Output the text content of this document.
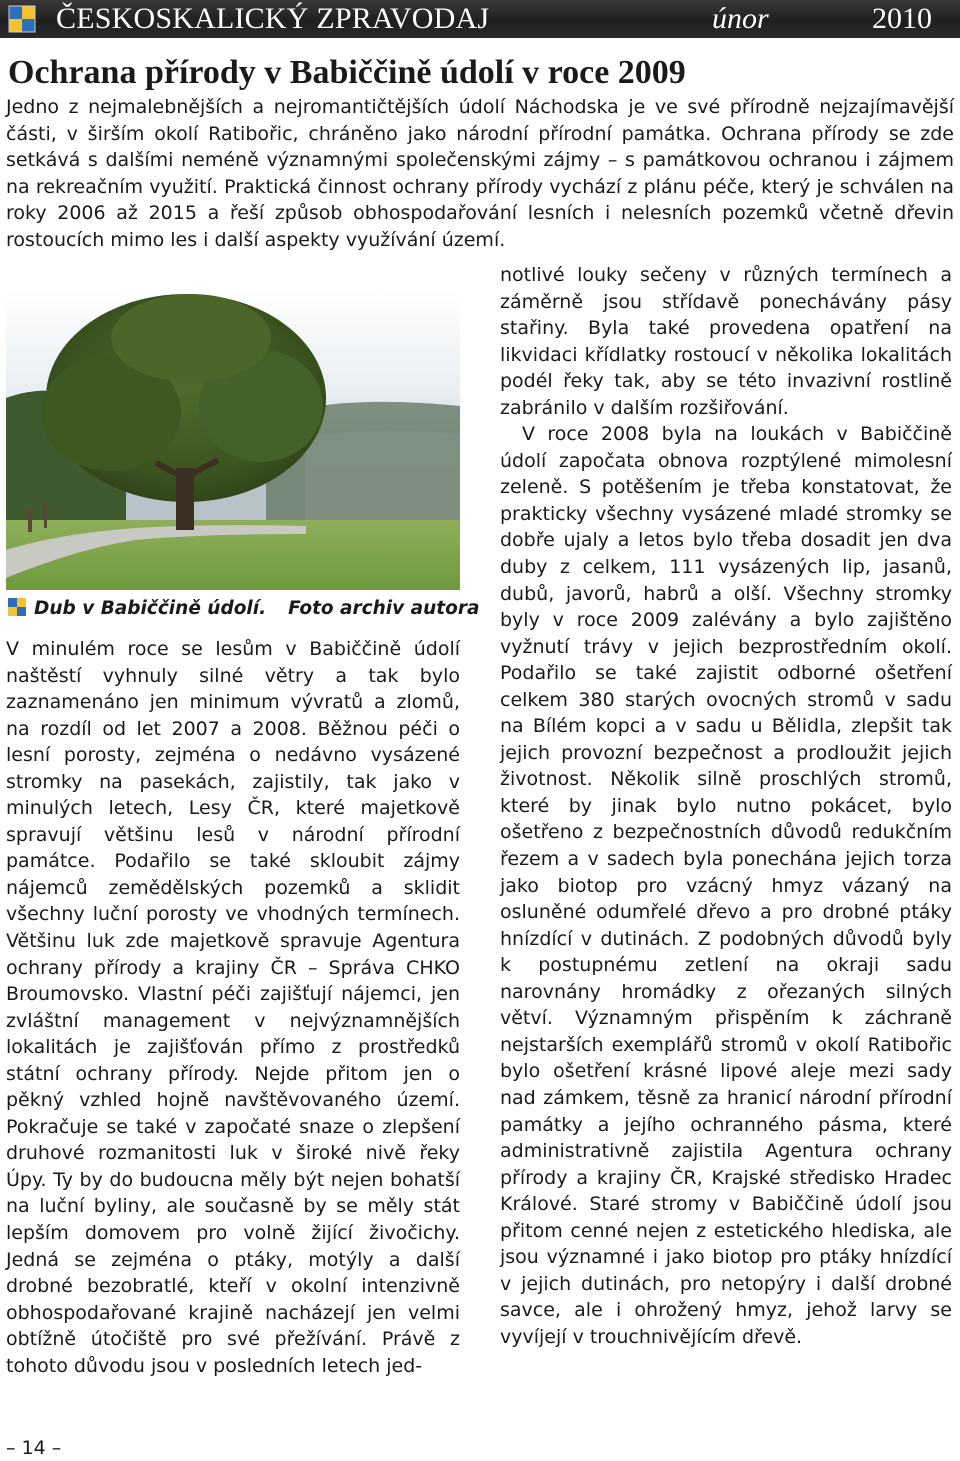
ČESKOSKALICKÝ ZPRAVODAJ	únor	2010
Ochrana přírody v Babiččině údolí v roce 2009

Jedno z nejmalebnějších a nejromantičtějších údolí Náchodska je ve své přírodně nejzajímavější části, v širším okolí Ratibořic, chráněno jako národní přírodní památka. Ochrana přírody se zde setkává s dalšími neméně významnými společenskými zájmy – s památkovou ochranou i zájmem na rekreačním využití. Praktická činnost ochrany přírody vychází z plánu péče, který je schválen na roky 2006 až 2015 a řeší způsob obhospodařování lesních i nelesních pozemků včetně dřevin rostoucích mimo les i další aspekty využívání území.

Dub v Babiččině údolí. Foto archiv autora

V minulém roce se lesům v Babiččině údolí naštěstí vyhnuly silné větry a tak bylo zaznamenáno jen minimum vývratů a zlomů, na rozdíl od let 2007 a 2008. Běžnou péči o lesní porosty, zejména o nedávno vysázené stromky na pasekách, zajistily, tak jako v minulých letech, Lesy ČR, které majetkově spravují většinu lesů v národní přírodní památce. Podařilo se také skloubit zájmy nájemců zemědělských pozemků a sklidit všechny luční porosty ve vhodných termínech. Většinu luk zde majetkově spravuje Agentura ochrany přírody a krajiny ČR – Správa CHKO Broumovsko. Vlastní péči zajišťují nájemci, jen zvláštní management v nejvýznamnějších lokalitách je zajišťován přímo z prostředků státní ochrany přírody. Nejde přitom jen o pěkný vzhled hojně navštěvovaného území. Pokračuje se také v započaté snaze o zlepšení druhové rozmanitosti luk v široké nivě řeky Úpy. Ty by do budoucna měly být nejen bohatší na luční byliny, ale současně by se měly stát lepším domovem pro volně žijící živočichy. Jedná se zejména o ptáky, motýly a další drobné bezobratlé, kteří v okolní intenzivně obhospodařované krajině nacházejí jen velmi obtížně útočiště pro své přežívání. Právě z tohoto důvodu jsou v posledních letech jed-

notlivé louky sečeny v různých termínech a záměrně jsou střídavě ponechávány pásy stařiny. Byla také provedena opatření na likvidaci křídlatky rostoucí v několika lokalitách podél řeky tak, aby se této invazivní rostlině zabránilo v dalším rozšiřování.

V roce 2008 byla na loukách v Babiččině údolí započata obnova rozptýlené mimolesní zeleně. S potěšením je třeba konstatovat, že prakticky všechny vysázené mladé stromky se dobře ujaly a letos bylo třeba dosadit jen dva duby z celkem, 111 vysázených lip, jasanů, dubů, javorů, habrů a olší. Všechny stromky byly v roce 2009 zalévány a bylo zajištěno vyžnutí trávy v jejich bezprostředním okolí. Podařilo se také zajistit odborné ošetření celkem 380 starých ovocných stromů v sadu na Bílém kopci a v sadu u Bělidla, zlepšit tak jejich provozní bezpečnost a prodloužit jejich životnost. Několik silně proschlých stromů, které by jinak bylo nutno pokácet, bylo ošetřeno z bezpečnostních důvodů redukčním řezem a v sadech byla ponechána jejich torza jako biotop pro vzácný hmyz vázaný na osluněné odumřelé dřevo a pro drobné ptáky hnízdící v dutinách. Z podobných důvodů byly k postupnému zetlení na okraji sadu narovnány hromádky z ořezaných silných větví. Významným přispěním k záchraně nejstarších exemplářů stromů v okolí Ratibořic bylo ošetření krásné lipové aleje mezi sady nad zámkem, těsně za hranicí národní přírodní památky a jejího ochranného pásma, které administrativně zajistila Agentura ochrany přírody a krajiny ČR, Krajské středisko Hradec Králové. Staré stromy v Babiččině údolí jsou přitom cenné nejen z estetického hlediska, ale jsou významné i jako biotop pro ptáky hnízdící v jejich dutinách, pro netopýry i další drobné savce, ale i ohrožený hmyz, jehož larvy se vyvíjejí v trouchnivějícím dřevě.

– 14 –
